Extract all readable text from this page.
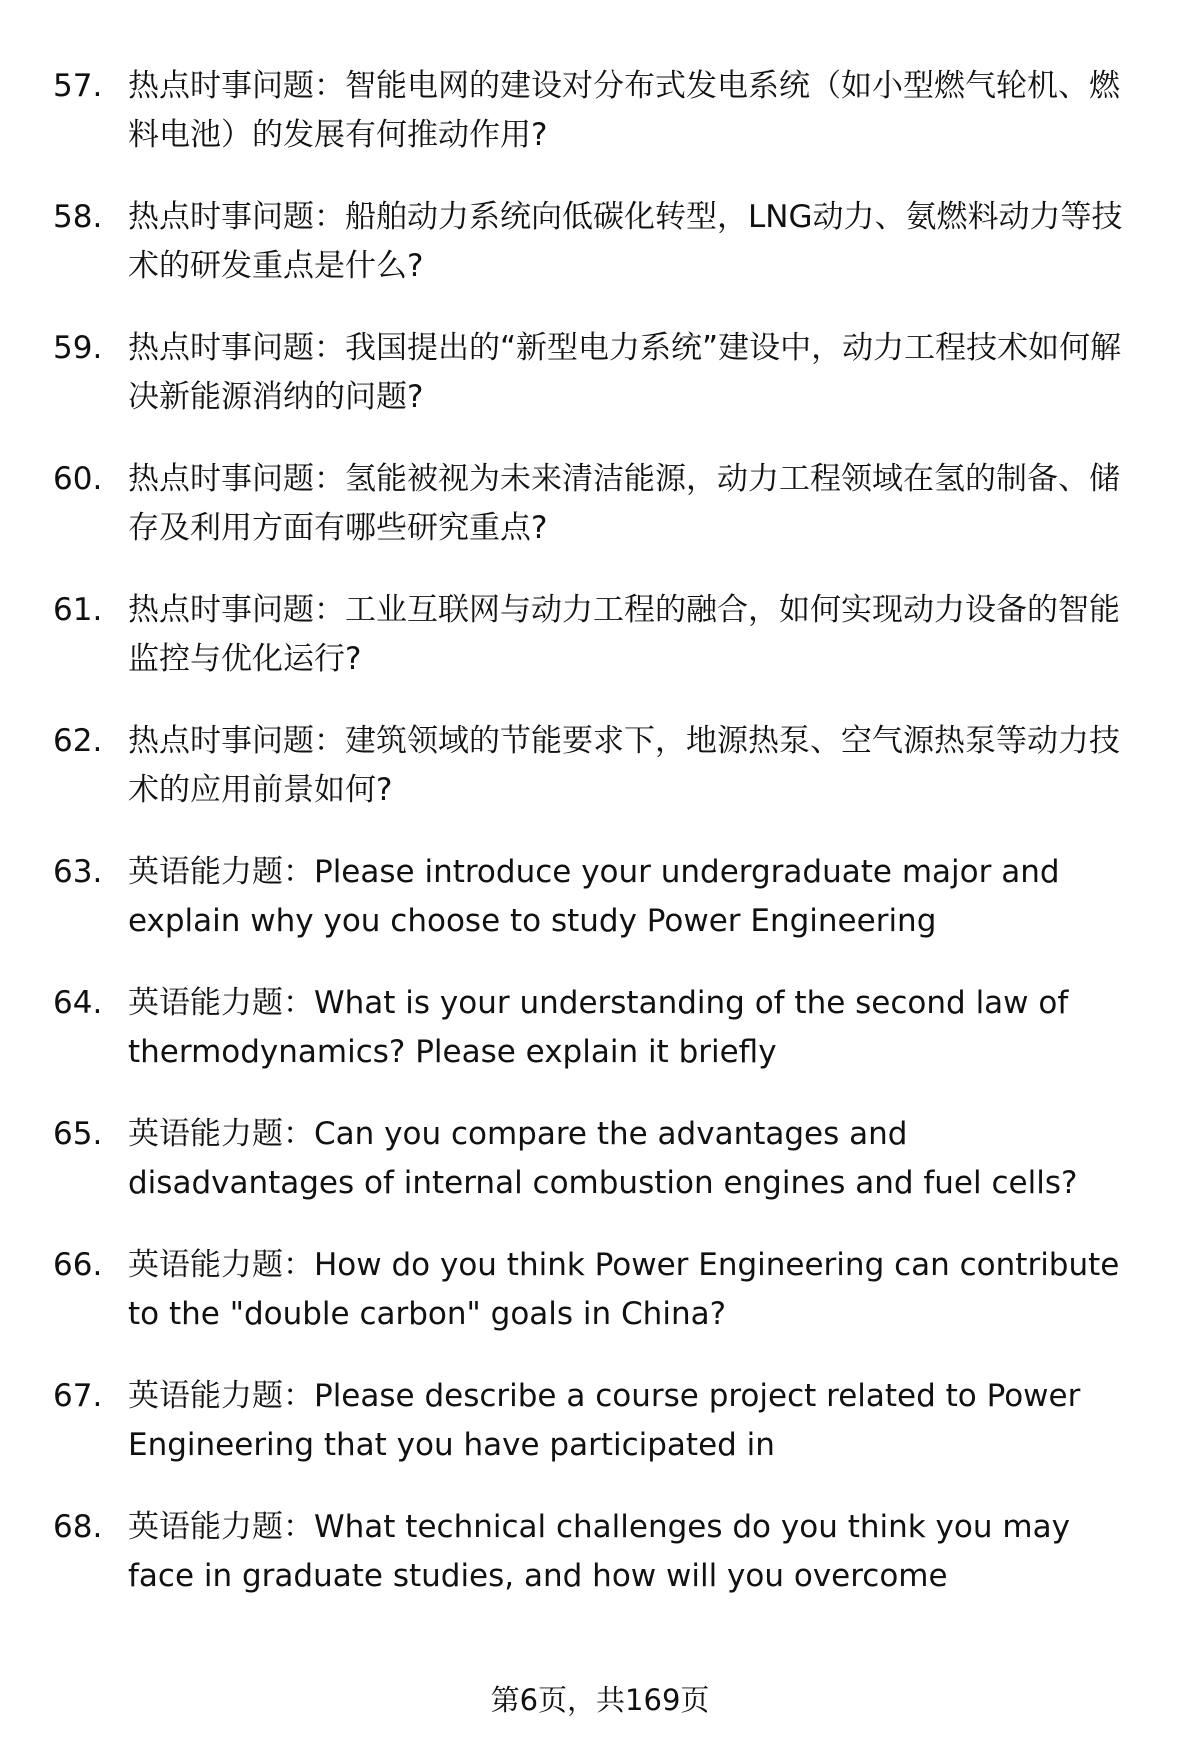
57. 热点时事问题：智能电网的建设对分布式发电系统（如小型燃气轮机、燃料电池）的发展有何推动作用?
58. 热点时事问题：船舶动力系统向低碳化转型，LNG动力、氨燃料动力等技术的研发重点是什么?
59. 热点时事问题：我国提出的“新型电力系统”建设中，动力工程技术如何解决新能源消纳的问题?
60. 热点时事问题：氢能被视为未来清洁能源，动力工程领域在氢的制备、储存及利用方面有哪些研究重点?
61. 热点时事问题：工业互联网与动力工程的融合，如何实现动力设备的智能监控与优化运行?
62. 热点时事问题：建筑领域的节能要求下，地源热泵、空气源热泵等动力技术的应用前景如何?
63. 英语能力题：Please introduce your undergraduate major and explain why you choose to study Power Engineering
64. 英语能力题：What is your understanding of the second law of thermodynamics? Please explain it briefly
65. 英语能力题：Can you compare the advantages and disadvantages of internal combustion engines and fuel cells?
66. 英语能力题：How do you think Power Engineering can contribute to the "double carbon" goals in China?
67. 英语能力题：Please describe a course project related to Power Engineering that you have participated in
68. 英语能力题：What technical challenges do you think you may face in graduate studies, and how will you overcome
第6页，共169页
